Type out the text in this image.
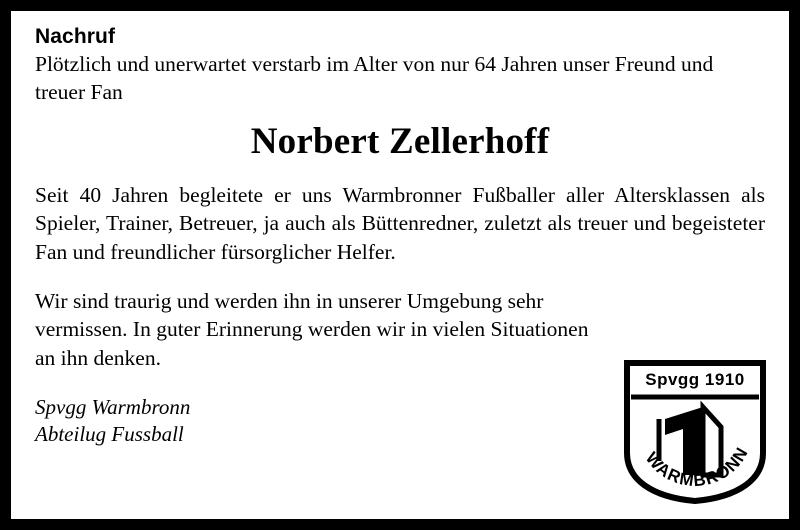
Nachruf

Plötzlich und unerwartet verstarb im Alter von nur 64 Jahren unser Freund und treuer Fan

Norbert Zellerhoff

Seit 40 Jahren begleitete er uns Warmbronner Fußballer aller Altersklassen als Spieler, Trainer, Betreuer, ja auch als Büttenredner, zuletzt als treuer und begeisteter Fan und freundlicher fürsorglicher Helfer.

Wir sind traurig und werden ihn in unserer Umgebung sehr vermissen. In guter Erinnerung werden wir in vielen Situationen an ihn denken.

Spvgg Warmbronn
Abteilug Fussball
WARMBRONN
Spvgg 1910
